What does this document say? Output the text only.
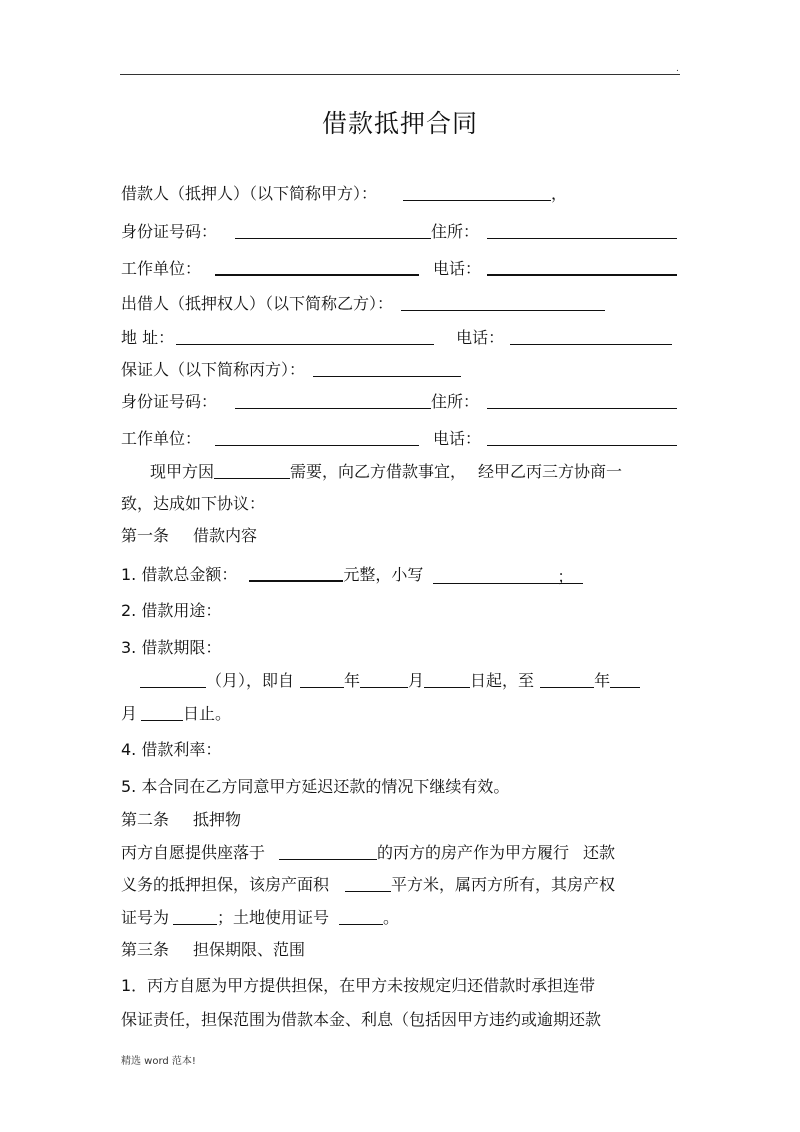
.
借款抵押合同
借款人（抵押人）（以下简称甲方）：	，
身份证号码：	住所：
工作单位：	电话：
出借人（抵押权人）（以下简称乙方）：
地 址：	电话：
保证人（以下简称丙方）：
身份证号码：	住所：
工作单位：	电话：
现甲方因	需要，向乙方借款事宜， 经甲乙丙三方协商一
致，达成如下协议：
第一条 借款内容
1. 借款总金额：	元整，小写	；
2. 借款用途：
3. 借款期限：
（月），即自	年	月	日起，至	年
月	日止。
4. 借款利率：
5. 本合同在乙方同意甲方延迟还款的情况下继续有效。
第二条 抵押物
丙方自愿提供座落于	的丙方的房产作为甲方履行 还款
义务的抵押担保，该房产面积	平方米，属丙方所有，其房产权
证号为	；土地使用证号	。
第三条 担保期限、范围
1．丙方自愿为甲方提供担保，在甲方未按规定归还借款时承担连带
保证责任，担保范围为借款本金、利息（包括因甲方违约或逾期还款
精选 word 范本!
